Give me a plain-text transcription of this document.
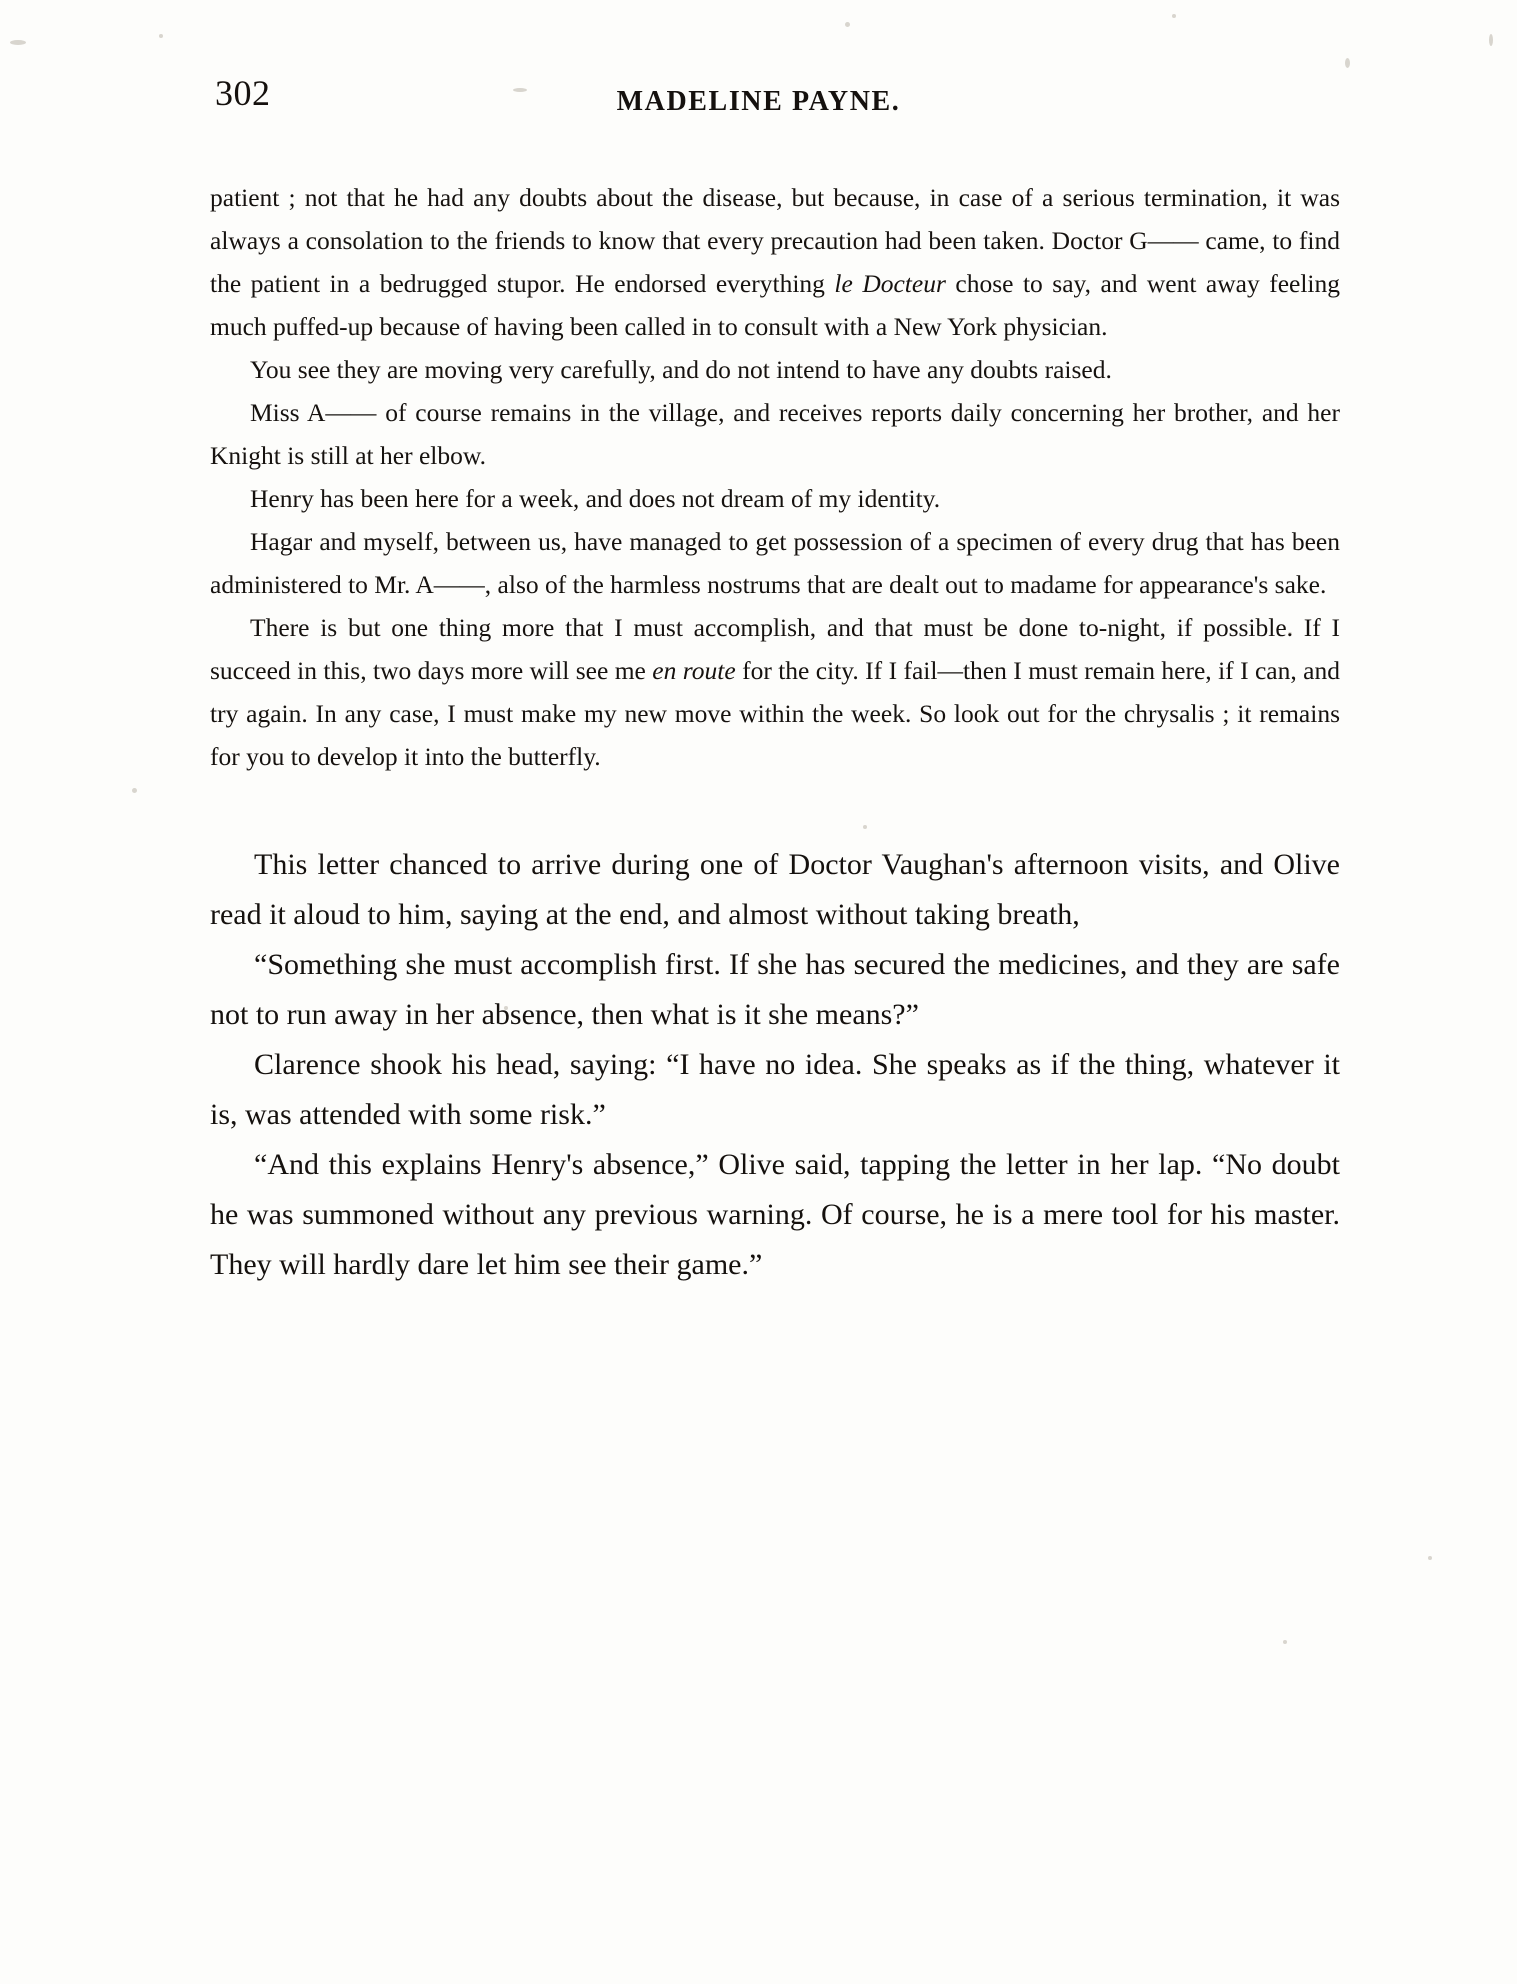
302	MADELINE PAYNE.

patient ; not that he had any doubts about the disease, but because, in case of a serious termination, it was always a consolation to the friends to know that every precaution had been taken. Doctor G—— came, to find the patient in a bedrugged stupor. He endorsed everything le Docteur chose to say, and went away feeling much puffed-up because of having been called in to consult with a New York physician.

You see they are moving very carefully, and do not intend to have any doubts raised.

Miss A—— of course remains in the village, and receives reports daily concerning her brother, and her Knight is still at her elbow.

Henry has been here for a week, and does not dream of my identity.

Hagar and myself, between us, have managed to get possession of a specimen of every drug that has been administered to Mr. A——, also of the harmless nostrums that are dealt out to madame for appearance's sake.

There is but one thing more that I must accomplish, and that must be done to-night, if possible. If I succeed in this, two days more will see me en route for the city. If I fail—then I must remain here, if I can, and try again. In any case, I must make my new move within the week. So look out for the chrysalis ; it remains for you to develop it into the butterfly.

This letter chanced to arrive during one of Doctor Vaughan's afternoon visits, and Olive read it aloud to him, saying at the end, and almost without taking breath,

“Something she must accomplish first. If she has secured the medicines, and they are safe not to run away in her absence, then what is it she means?”

Clarence shook his head, saying: “I have no idea. She speaks as if the thing, whatever it is, was attended with some risk.”

“And this explains Henry's absence,” Olive said, tapping the letter in her lap. “No doubt he was summoned without any previous warning. Of course, he is a mere tool for his master. They will hardly dare let him see their game.”
